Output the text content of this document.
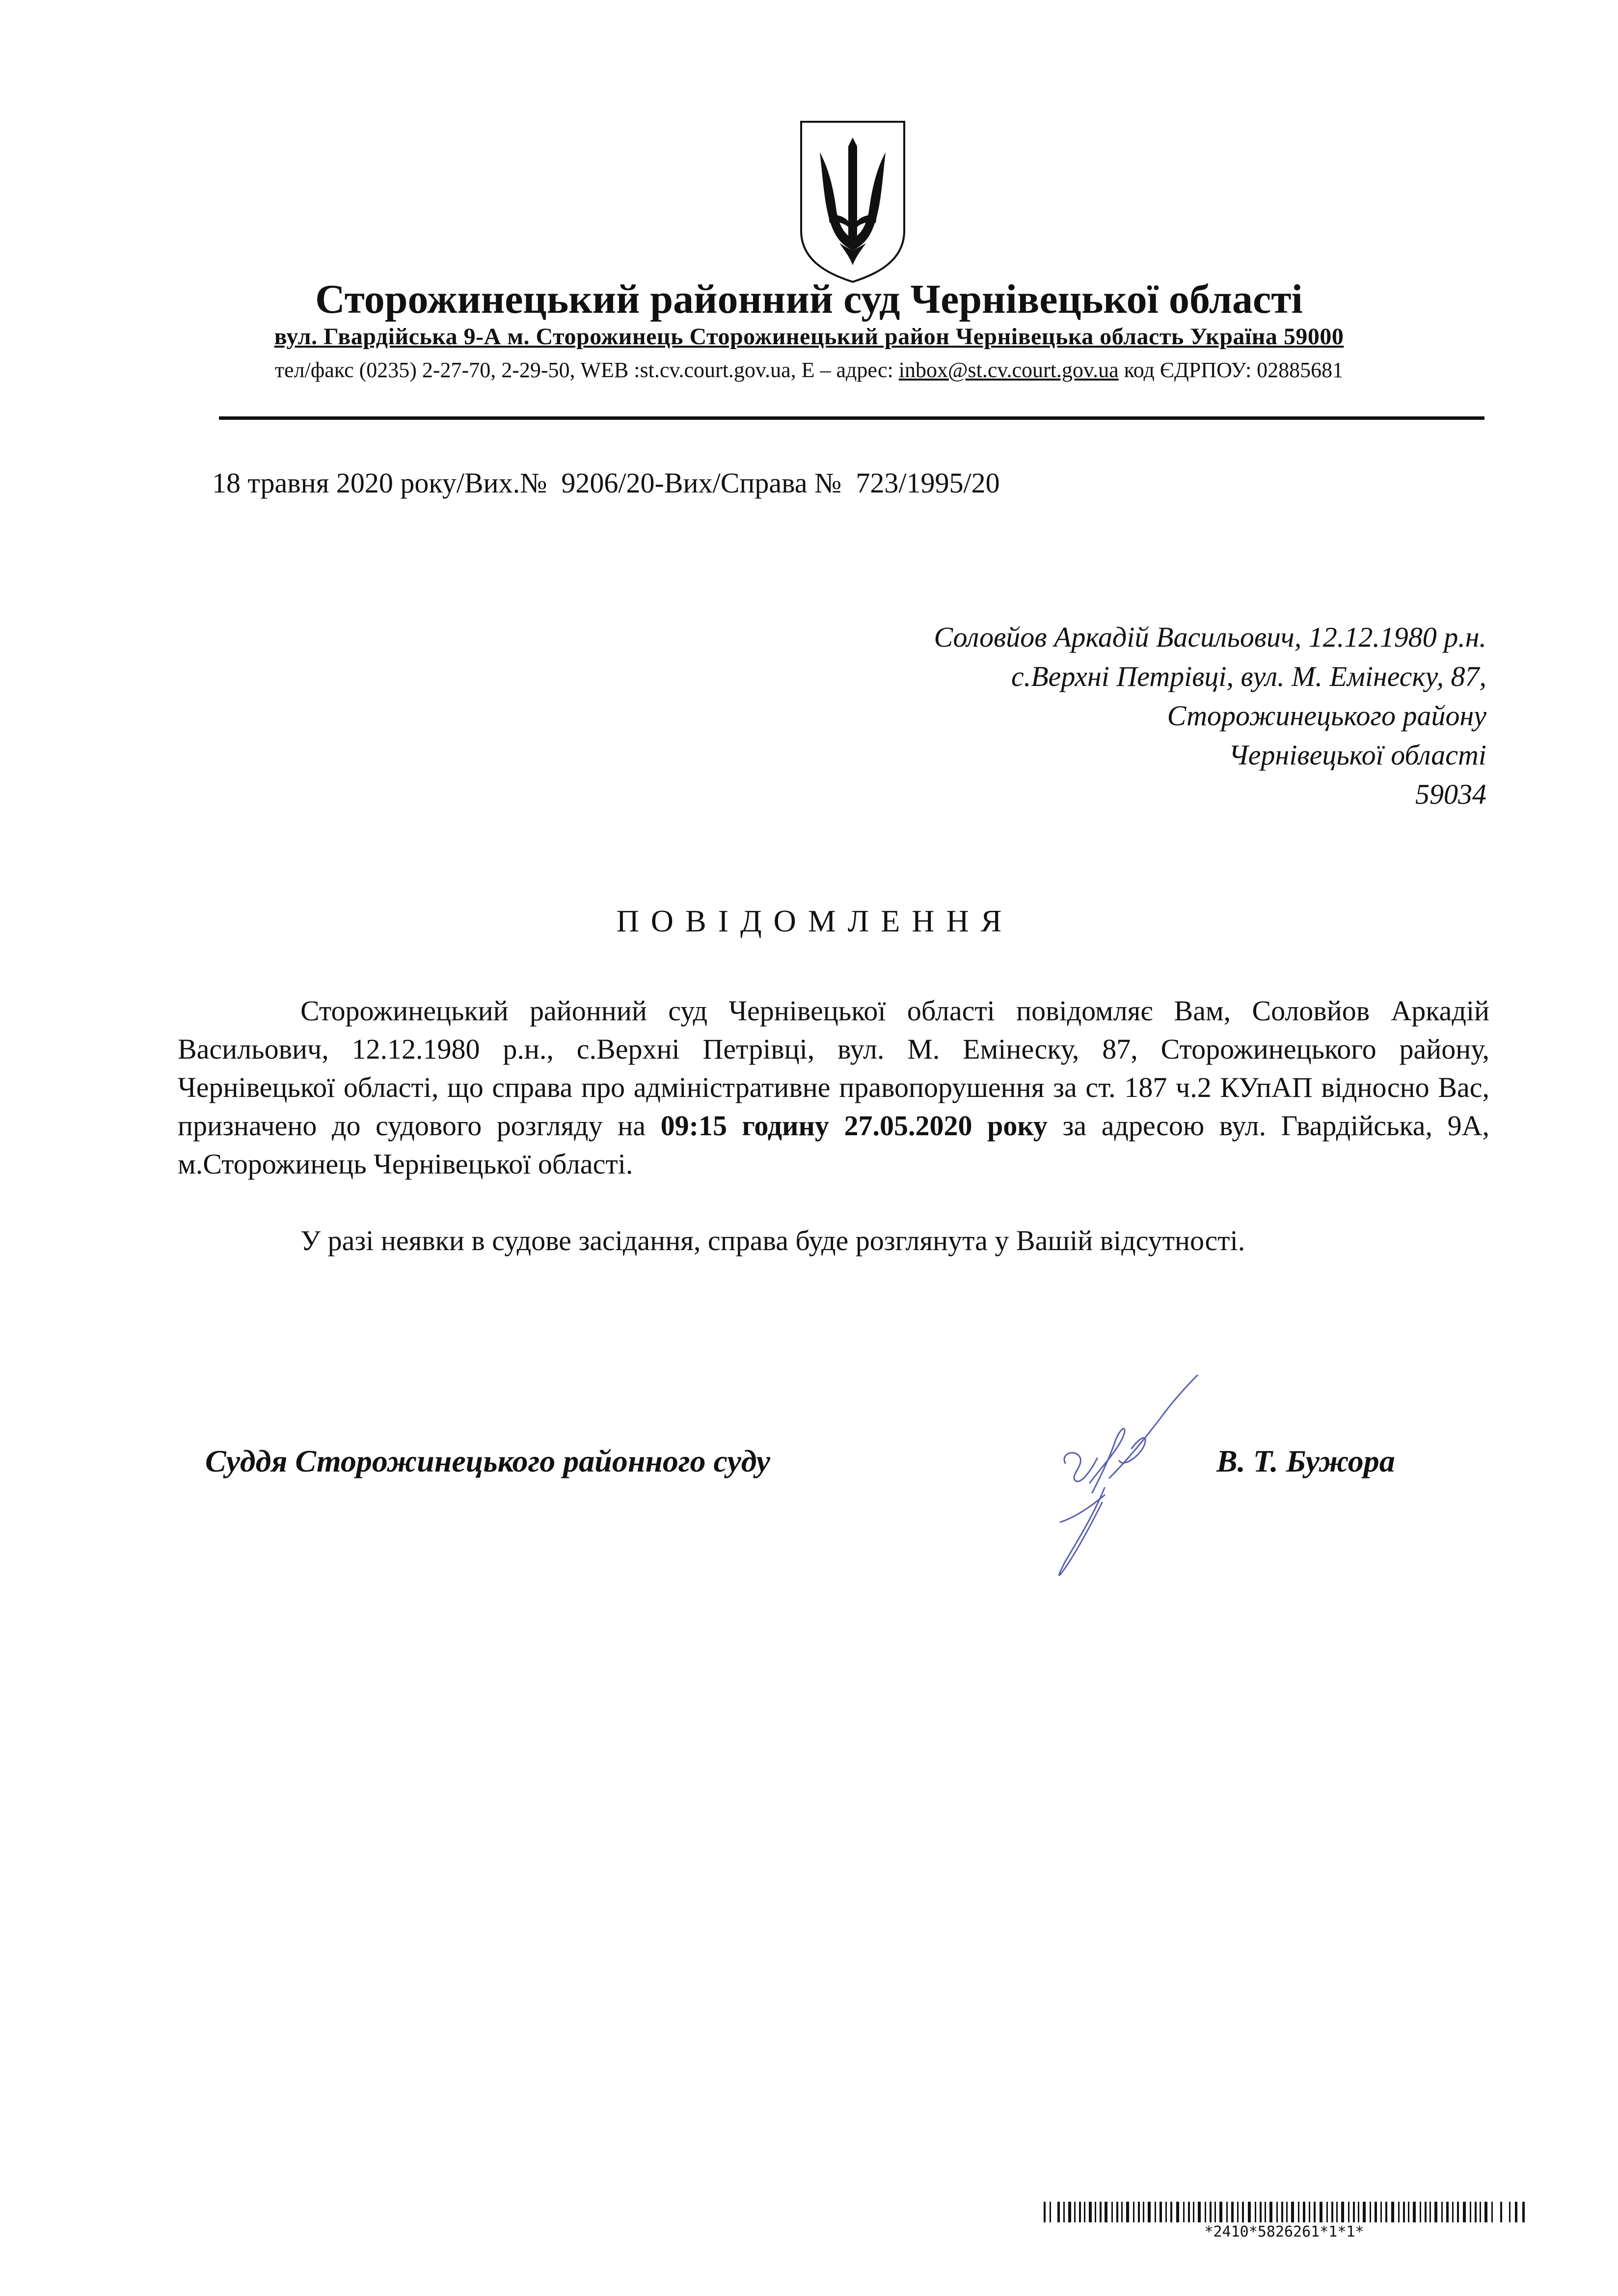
Сторожинецький районний суд Чернівецької області
вул. Гвардійська 9-А м. Сторожинець Сторожинецький район Чернівецька область Україна 59000
тел/факс (0235) 2-27-70, 2-29-50, WEB :st.cv.court.gov.ua, E – адрес: inbox@st.cv.court.gov.ua код ЄДРПОУ: 02885681
18 травня 2020 року/Вих.№  9206/20-Вих/Справа №  723/1995/20
Соловйов Аркадій Васильович, 12.12.1980 р.н.
с.Верхні Петрівці, вул. М. Емінеску, 87,
Сторожинецького району
Чернівецької області
59034
ПОВІДОМЛЕННЯ

Сторожинецький районний суд Чернівецької області повідомляє Вам, Соловйов Аркадій Васильович, 12.12.1980 р.н., с.Верхні Петрівці, вул. М. Емінеску, 87, Сторожинецького району, Чернівецької області, що справа про адміністративне правопорушення за ст. 187 ч.2 КУпАП відносно Вас, призначено до судового розгляду на 09:15 годину 27.05.2020 року за адресою вул. Гвардійська, 9А, м.Сторожинець Чернівецької області.

У разі неявки в судове засідання, справа буде розглянута у Вашій відсутності.

Суддя Сторожинецького районного суду	В. Т. Бужора
*2410*5826261*1*1*
